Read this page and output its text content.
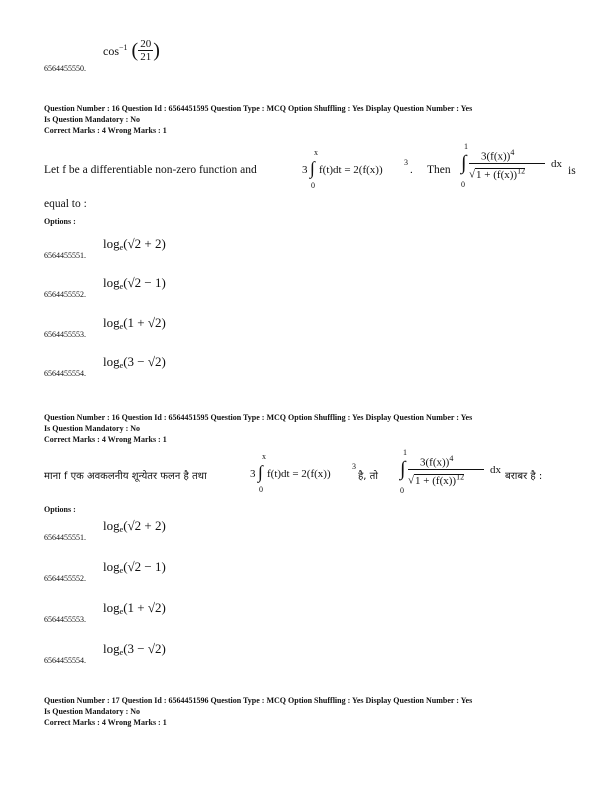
$\cos^{-1}$ ( $\frac{20}{21}$ )
6564455550.
Question Number : 16 Question Id : 6564451595 Question Type : MCQ Option Shuffling : Yes Display Question Number : Yes
Is Question Mandatory : No
Correct Marks : 4 Wrong Marks : 1
Let f be a differentiable non-zero function and
x
3 ∫ f(t)dt = 2(f(x))
3
.
0
Then
1
∫
0
$3(f(x))^4$
$√1 + (f(x))^{12}$
dx
is
equal to :
Options :
6564455551.
$\log_e(√2 + 2)$
6564455552.
$\log_e(√2 - 1)$
6564455553.
$\log_e(1 + √2)$
6564455554.
$\log_e(3 - √2)$
Question Number : 16 Question Id : 6564451595 Question Type : MCQ Option Shuffling : Yes Display Question Number : Yes
Is Question Mandatory : No
Correct Marks : 4 Wrong Marks : 1
माना f एक अवकलनीय शून्येतर फलन है तथा
x
3 ∫ f(t)dt = 2(f(x))
3
0
है, तो
1
∫
0
$3(f(x))^4$
$√1 + (f(x))^{12}$
dx
बराबर है :
Options :
6564455551.
$\log_e(√2 + 2)$
6564455552.
$\log_e(√2 - 1)$
6564455553.
$\log_e(1 + √2)$
6564455554.
$\log_e(3 - √2)$
Question Number : 17 Question Id : 6564451596 Question Type : MCQ Option Shuffling : Yes Display Question Number : Yes
Is Question Mandatory : No
Correct Marks : 4 Wrong Marks : 1
